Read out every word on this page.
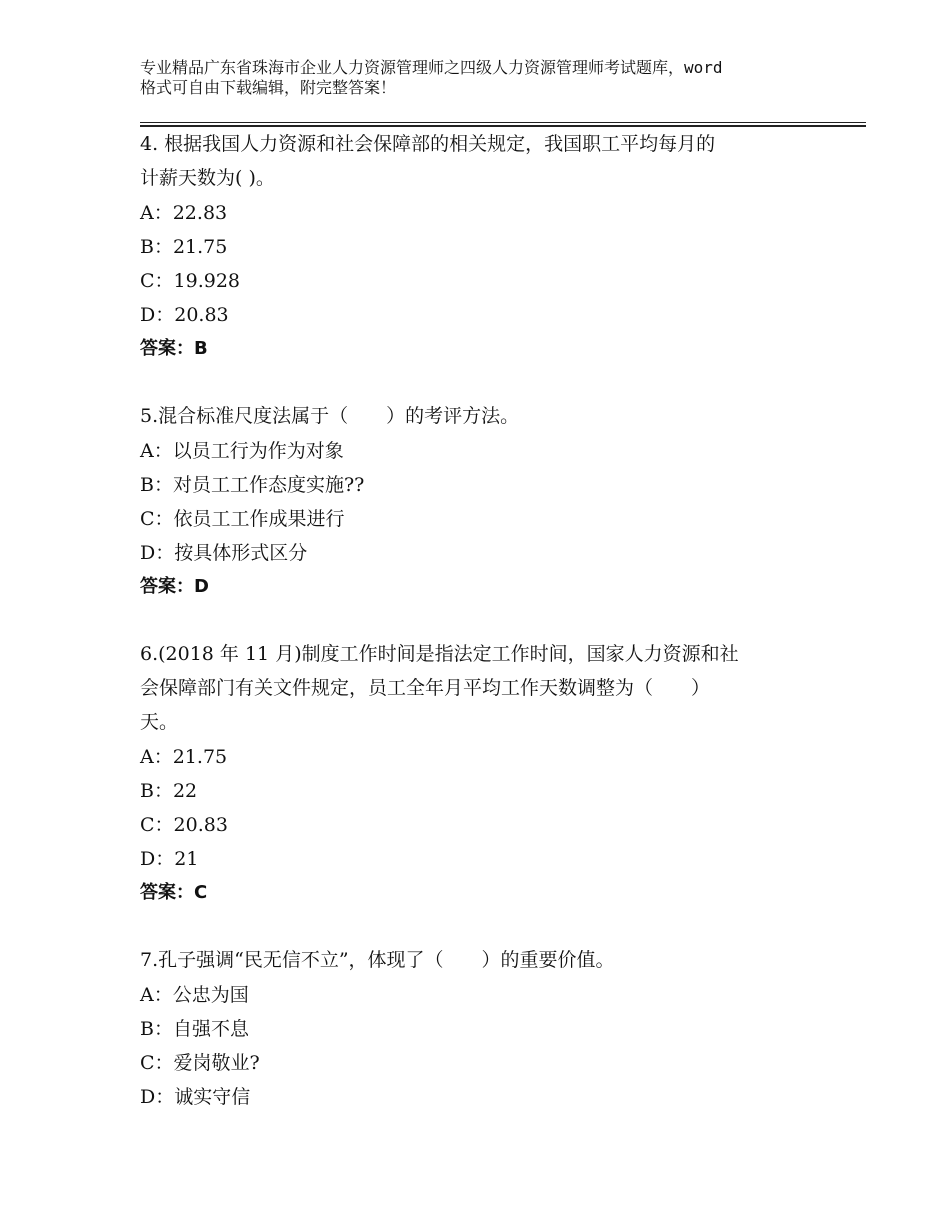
专业精品广东省珠海市企业人力资源管理师之四级人力资源管理师考试题库，word
格式可自由下载编辑，附完整答案！
4. 根据我国人力资源和社会保障部的相关规定，我国职工平均每月的
计薪天数为( )。
A：22.83
B：21.75
C：19.928
D：20.83
答案：B
5.混合标准尺度法属于（　　）的考评方法。
A：以员工行为作为对象
B：对员工工作态度实施??
C：依员工工作成果进行
D：按具体形式区分
答案：D
6.(2018 年 11 月)制度工作时间是指法定工作时间，国家人力资源和社
会保障部门有关文件规定，员工全年月平均工作天数调整为（　　）
天。
A：21.75
B：22
C：20.83
D：21
答案：C
7.孔子强调“民无信不立”，体现了（　　）的重要价值。
A：公忠为国
B：自强不息
C：爱岗敬业?
D：诚实守信
